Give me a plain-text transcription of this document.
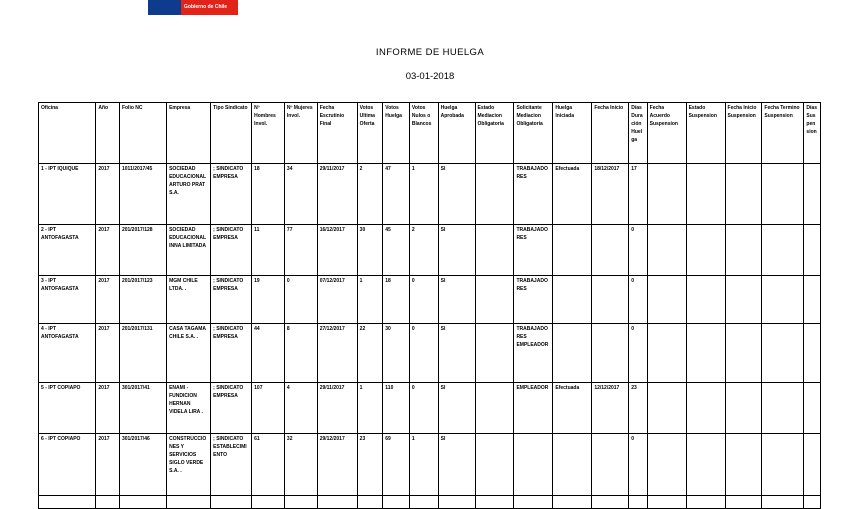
Gobierno de Chile
INFORME DE HUELGA
03-01-2018
Oficina	Año	Folio NC	Empresa	Tipo Sindicato	Nº Hombres Invol.	Nº Mujeres Invol.	Fecha Escrutinio Final	Votos Ultima Oferta	Votos Huelga	Votos Nulos o Blancos	Huelga Aprobada	Estado Mediacion Obligatoria	Solicitante Mediacion Obligatoria	Huelga Iniciada	Fecha Inicio	Días Duración Huelga	Fecha Acuerdo Suspension	Estado Suspension	Fecha Inicio Suspension	Fecha Termino Suspension	Días Suspension
1 - IPT IQUIQUE	2017	1011/2017/45	SOCIEDAD EDUCACIONAL ARTURO PRAT S.A.	; SINDICATO EMPRESA	18	34	29/11/2017	2	47	1	SI		TRABAJADORES	Efectuada	18/12/2017	17					
2 - IPT ANTOFAGASTA	2017	201/2017/128	SOCIEDAD EDUCACIONAL INNA LIMITADA	; SINDICATO EMPRESA	11	77	16/12/2017	30	45	2	SI		TRABAJADORES			0					
3 - IPT ANTOFAGASTA	2017	201/2017/123	MGM CHILE LTDA. .	; SINDICATO EMPRESA	19	0	07/12/2017	1	18	0	SI		TRABAJADORES			0					
4 - IPT ANTOFAGASTA	2017	201/2017/131	CASA TAGAMA CHILE S.A. .	; SINDICATO EMPRESA	44	8	27/12/2017	22	30	0	SI		TRABAJADORES EMPLEADOR			0					
5 - IPT COPIAPO	2017	301/2017/41	ENAMI - FUNDICION HERNAN VIDELA LIRA .	; SINDICATO EMPRESA	107	4	29/11/2017	1	110	0	SI		EMPLEADOR	Efectuada	12/12/2017	23					
6 - IPT COPIAPO	2017	301/2017/46	CONSTRUCCIONES Y SERVICIOS SIGLO VERDE S.A. .	; SINDICATO ESTABLECIMIENTO	61	32	29/12/2017	23	69	1	SI					0					
